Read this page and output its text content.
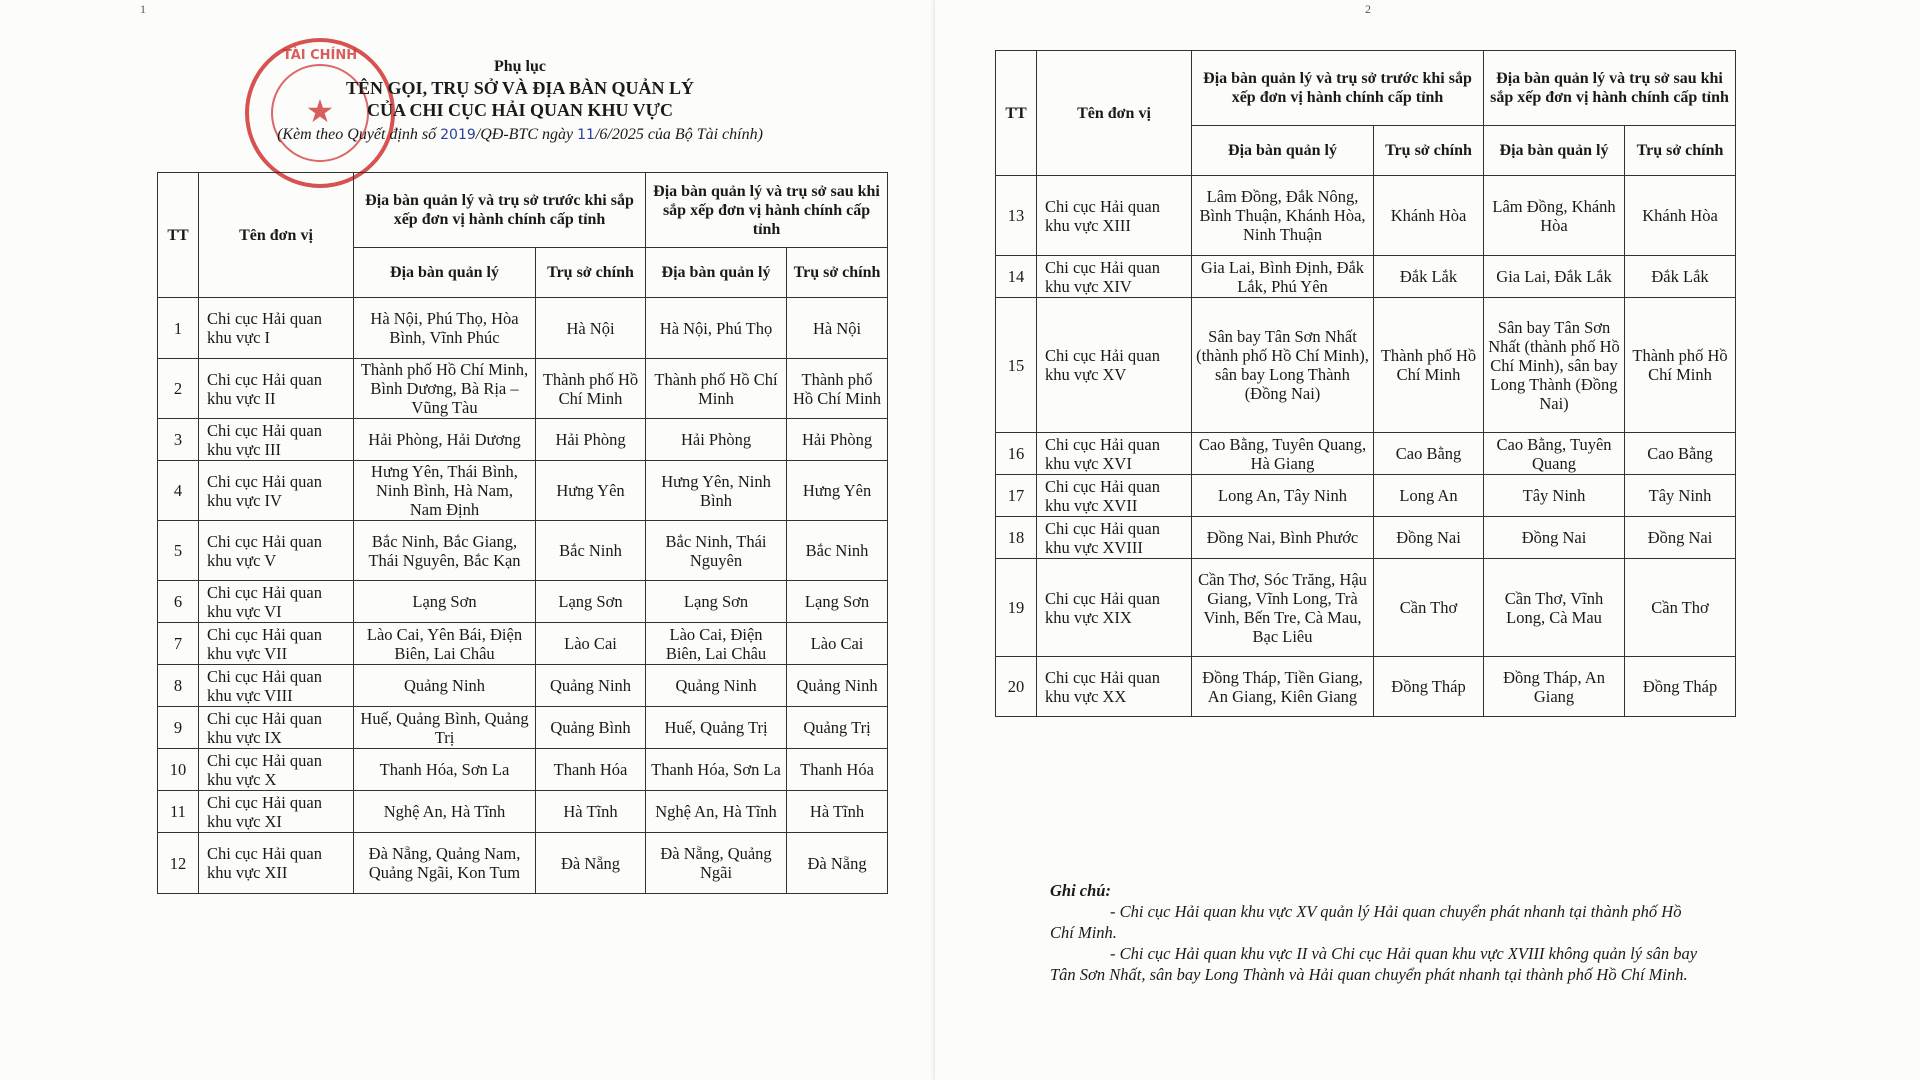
1
TÀI CHÍNH
★
Phụ lục
TÊN GỌI, TRỤ SỞ VÀ ĐỊA BÀN QUẢN LÝ
CỦA CHI CỤC HẢI QUAN KHU VỰC
(Kèm theo Quyết định số 2019/QĐ-BTC ngày 11/6/2025 của Bộ Tài chính)
TT	Tên đơn vị	Địa bàn quản lý và trụ sở trước khi sắp xếp đơn vị hành chính cấp tỉnh		Địa bàn quản lý và trụ sở sau khi sắp xếp đơn vị hành chính cấp tỉnh	
		Địa bàn quản lý	Trụ sở chính	Địa bàn quản lý	Trụ sở chính
1	Chi cục Hải quan khu vực I	Hà Nội, Phú Thọ, Hòa Bình, Vĩnh Phúc	Hà Nội	Hà Nội, Phú Thọ	Hà Nội
2	Chi cục Hải quan khu vực II	Thành phố Hồ Chí Minh, Bình Dương, Bà Rịa – Vũng Tàu	Thành phố Hồ Chí Minh	Thành phố Hồ Chí Minh	Thành phố Hồ Chí Minh
3	Chi cục Hải quan khu vực III	Hải Phòng, Hải Dương	Hải Phòng	Hải Phòng	Hải Phòng
4	Chi cục Hải quan khu vực IV	Hưng Yên, Thái Bình, Ninh Bình, Hà Nam, Nam Định	Hưng Yên	Hưng Yên, Ninh Bình	Hưng Yên
5	Chi cục Hải quan khu vực V	Bắc Ninh, Bắc Giang, Thái Nguyên, Bắc Kạn	Bắc Ninh	Bắc Ninh, Thái Nguyên	Bắc Ninh
6	Chi cục Hải quan khu vực VI	Lạng Sơn	Lạng Sơn	Lạng Sơn	Lạng Sơn
7	Chi cục Hải quan khu vực VII	Lào Cai, Yên Bái, Điện Biên, Lai Châu	Lào Cai	Lào Cai, Điện Biên, Lai Châu	Lào Cai
8	Chi cục Hải quan khu vực VIII	Quảng Ninh	Quảng Ninh	Quảng Ninh	Quảng Ninh
9	Chi cục Hải quan khu vực IX	Huế, Quảng Bình, Quảng Trị	Quảng Bình	Huế, Quảng Trị	Quảng Trị
10	Chi cục Hải quan khu vực X	Thanh Hóa, Sơn La	Thanh Hóa	Thanh Hóa, Sơn La	Thanh Hóa
11	Chi cục Hải quan khu vực XI	Nghệ An, Hà Tĩnh	Hà Tĩnh	Nghệ An, Hà Tĩnh	Hà Tĩnh
12	Chi cục Hải quan khu vực XII	Đà Nẵng, Quảng Nam, Quảng Ngãi, Kon Tum	Đà Nẵng	Đà Nẵng, Quảng Ngãi	Đà Nẵng
2
TT	Tên đơn vị	Địa bàn quản lý và trụ sở trước khi sắp xếp đơn vị hành chính cấp tỉnh		Địa bàn quản lý và trụ sở sau khi sắp xếp đơn vị hành chính cấp tỉnh	
		Địa bàn quản lý	Trụ sở chính	Địa bàn quản lý	Trụ sở chính
13	Chi cục Hải quan khu vực XIII	Lâm Đồng, Đắk Nông, Bình Thuận, Khánh Hòa, Ninh Thuận	Khánh Hòa	Lâm Đồng, Khánh Hòa	Khánh Hòa
14	Chi cục Hải quan khu vực XIV	Gia Lai, Bình Định, Đắk Lắk, Phú Yên	Đắk Lắk	Gia Lai, Đắk Lắk	Đắk Lắk
15	Chi cục Hải quan khu vực XV	Sân bay Tân Sơn Nhất (thành phố Hồ Chí Minh), sân bay Long Thành (Đồng Nai)	Thành phố Hồ Chí Minh	Sân bay Tân Sơn Nhất (thành phố Hồ Chí Minh), sân bay Long Thành (Đồng Nai)	Thành phố Hồ Chí Minh
16	Chi cục Hải quan khu vực XVI	Cao Bằng, Tuyên Quang, Hà Giang	Cao Bằng	Cao Bằng, Tuyên Quang	Cao Bằng
17	Chi cục Hải quan khu vực XVII	Long An, Tây Ninh	Long An	Tây Ninh	Tây Ninh
18	Chi cục Hải quan khu vực XVIII	Đồng Nai, Bình Phước	Đồng Nai	Đồng Nai	Đồng Nai
19	Chi cục Hải quan khu vực XIX	Cần Thơ, Sóc Trăng, Hậu Giang, Vĩnh Long, Trà Vinh, Bến Tre, Cà Mau, Bạc Liêu	Cần Thơ	Cần Thơ, Vĩnh Long, Cà Mau	Cần Thơ
20	Chi cục Hải quan khu vực XX	Đồng Tháp, Tiền Giang, An Giang, Kiên Giang	Đồng Tháp	Đồng Tháp, An Giang	Đồng Tháp
Ghi chú:

- Chi cục Hải quan khu vực XV quản lý Hải quan chuyển phát nhanh tại thành phố Hồ Chí Minh.

- Chi cục Hải quan khu vực II và Chi cục Hải quan khu vực XVIII không quản lý sân bay Tân Sơn Nhất, sân bay Long Thành và Hải quan chuyển phát nhanh tại thành phố Hồ Chí Minh.
